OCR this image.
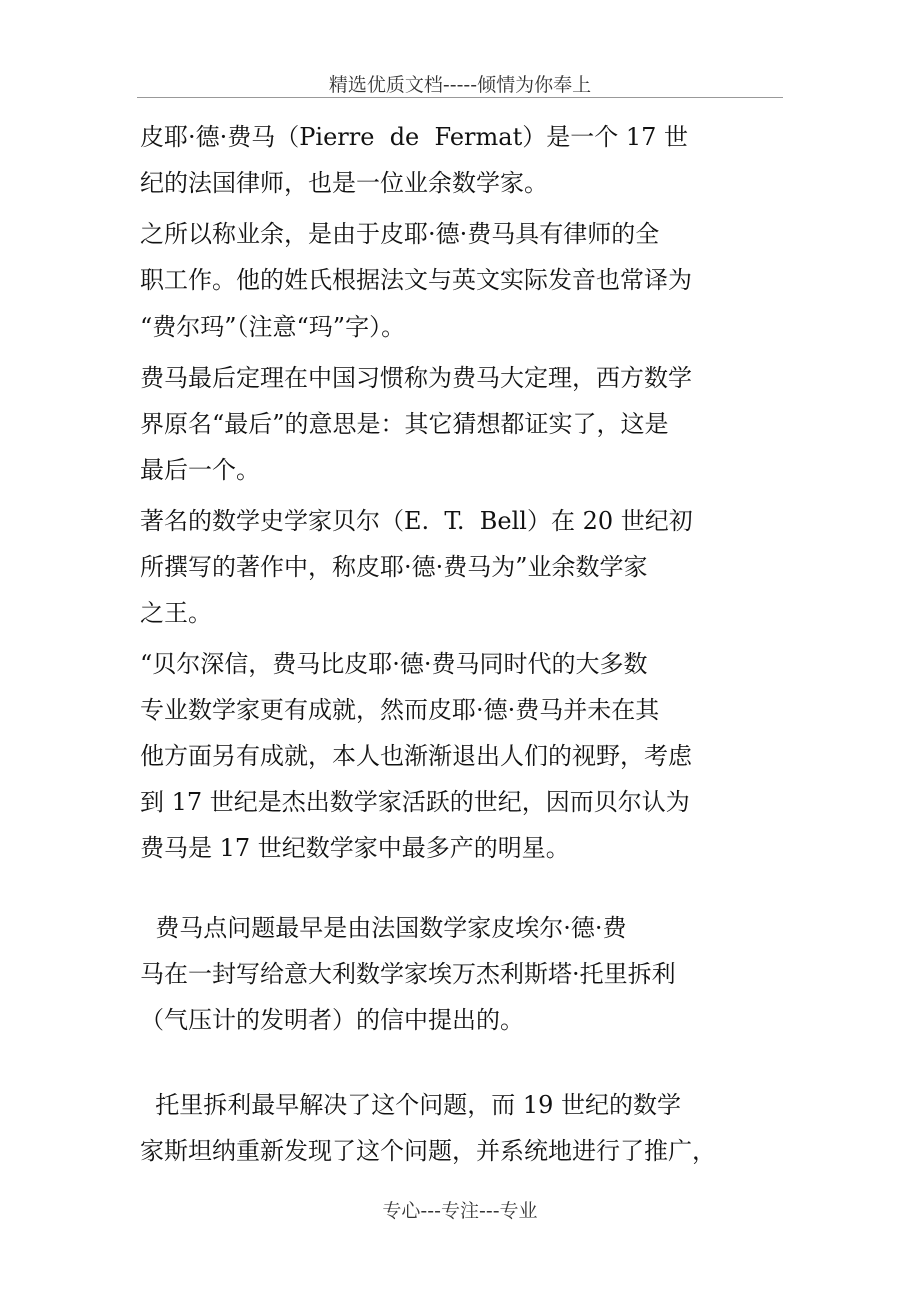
精选优质文档-----倾情为你奉上
皮耶·德·费马（Pierre  de  Fermat）是一个 17 世
纪的法国律师，也是一位业余数学家。
之所以称业余，是由于皮耶·德·费马具有律师的全
职工作。他的姓氏根据法文与英文实际发音也常译为
“费尔玛”（注意“玛”字）。
费马最后定理在中国习惯称为费马大定理，西方数学
界原名“最后”的意思是：其它猜想都证实了，这是
最后一个。
著名的数学史学家贝尔（E.  T.  Bell）在 20 世纪初
所撰写的著作中，称皮耶·德·费马为”业余数学家
之王。
“贝尔深信，费马比皮耶·德·费马同时代的大多数
专业数学家更有成就，然而皮耶·德·费马并未在其
他方面另有成就，本人也渐渐退出人们的视野，考虑
到 17 世纪是杰出数学家活跃的世纪，因而贝尔认为
费马是 17 世纪数学家中最多产的明星。
费马点问题最早是由法国数学家皮埃尔·德·费
马在一封写给意大利数学家埃万杰利斯塔·托里拆利
（气压计的发明者）的信中提出的。
托里拆利最早解决了这个问题，而 19 世纪的数学
家斯坦纳重新发现了这个问题，并系统地进行了推广，
专心---专注---专业
